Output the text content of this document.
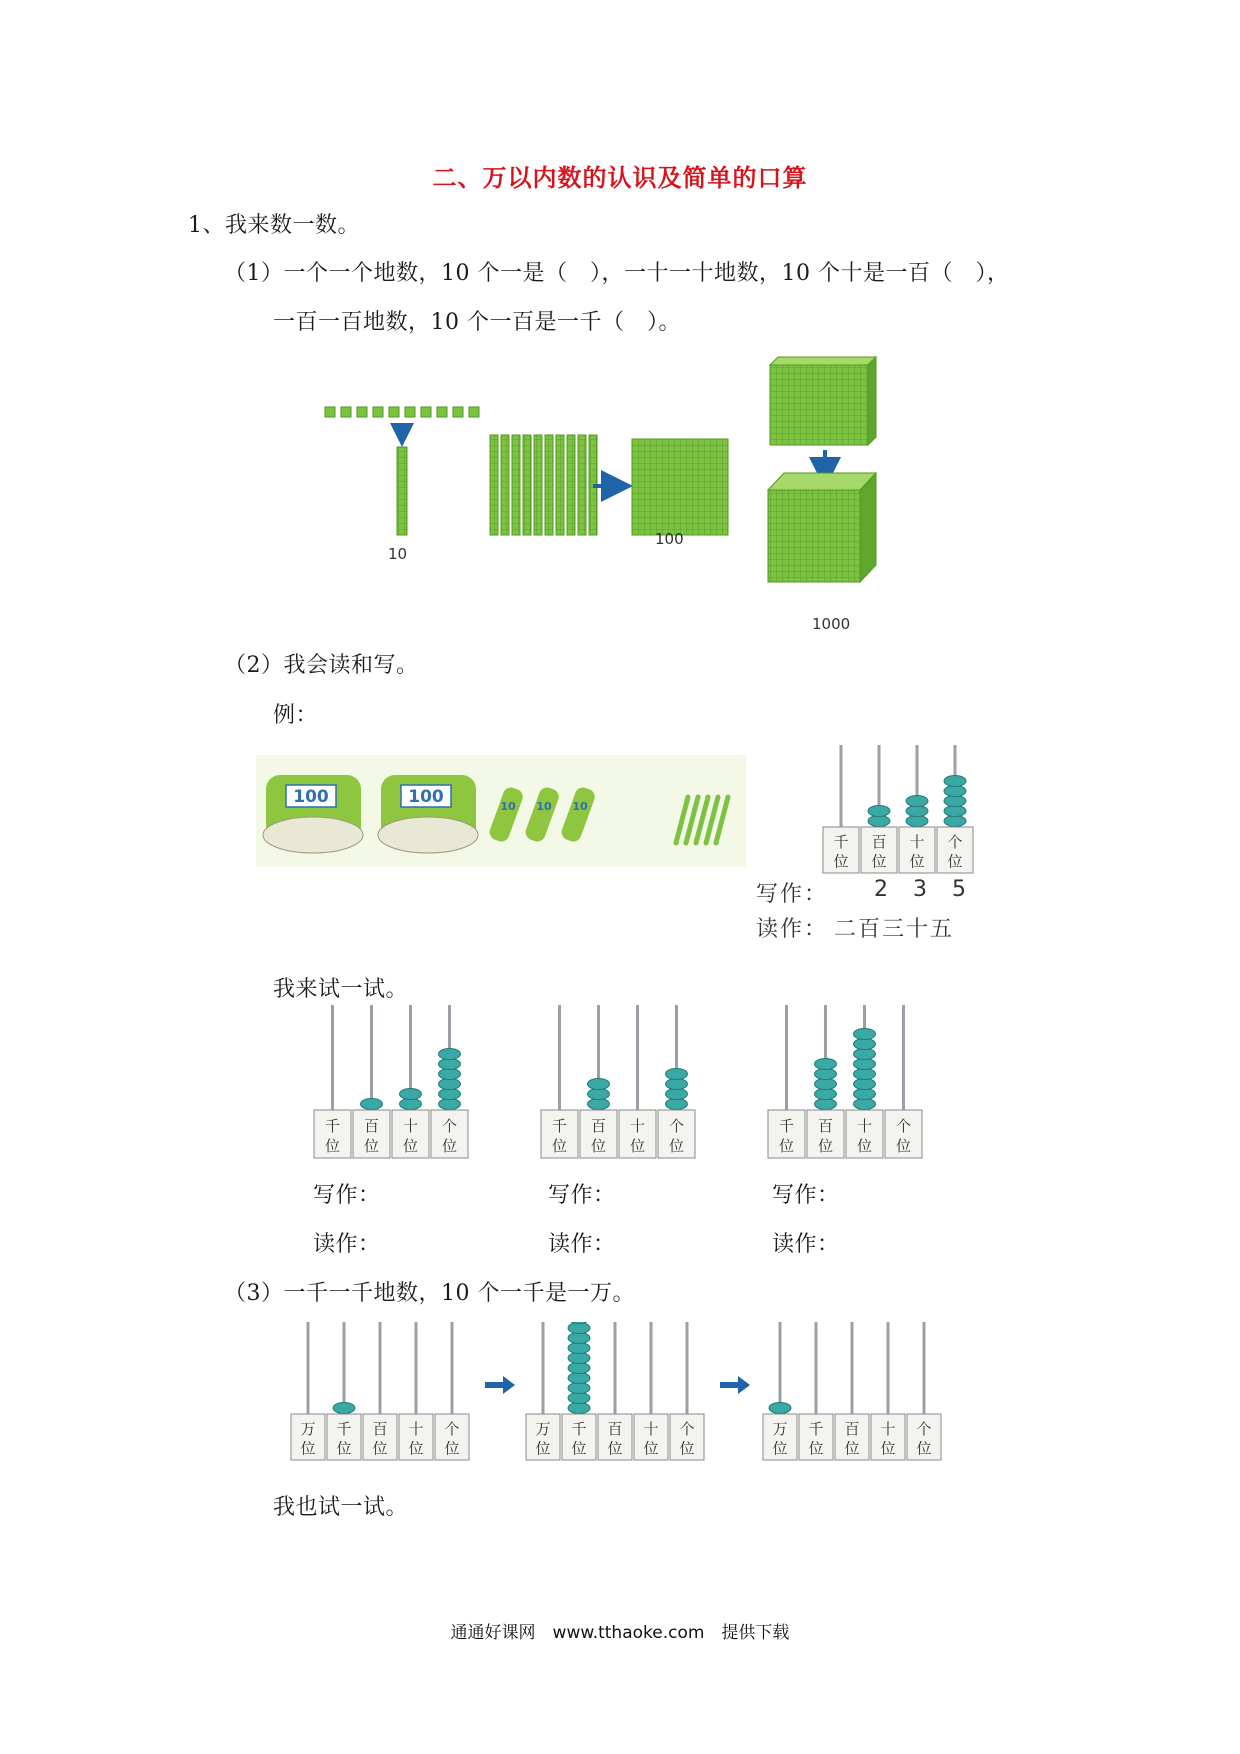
二、万以内数的认识及简单的口算
1、我来数一数。
（1）一个一个地数，10 个一是（　），一十一十地数，10 个十是一百（　），
一百一百地数，10 个一百是一千（　）。
10
100
1000
（2）我会读和写。
例：
100	100	10 10 10
千
位
百
位
十
位
个
位
写作： 2 3 5
读作： 二百三十五
我来试一试。
千
位
百
位
十
位
个
位
千
位
百
位
十
位
个
位
千
位
百
位
十
位
个
位
写作：	写作：	写作：
读作：	读作：	读作：
（3）一千一千地数，10 个一千是一万。
万
位
千
位
百
位
十
位
个
位
万
位
千
位
百
位
十
位
个
位
万
位
千
位
百
位
十
位
个
位
我也试一试。
通通好课网　www.tthaoke.com　提供下载
